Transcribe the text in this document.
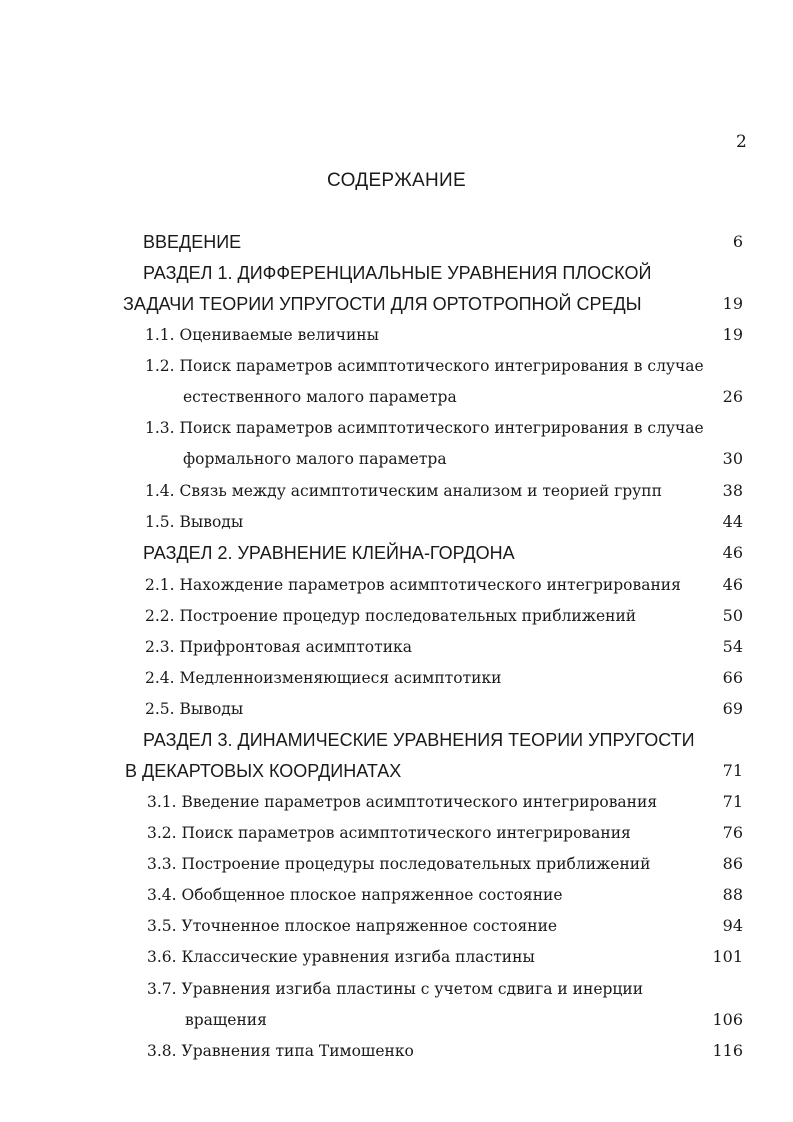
2
СОДЕРЖАНИЕ
ВВЕДЕНИЕ	6
РАЗДЕЛ 1. ДИФФЕРЕНЦИАЛЬНЫЕ УРАВНЕНИЯ ПЛОСКОЙ
ЗАДАЧИ ТЕОРИИ УПРУГОСТИ ДЛЯ ОРТОТРОПНОЙ СРЕДЫ	19
1.1. Оцениваемые величины	19
1.2. Поиск параметров асимптотического интегрирования в случае
естественного малого параметра	26
1.3. Поиск параметров асимптотического интегрирования в случае
формального малого параметра	30
1.4. Связь между асимптотическим анализом и теорией групп	38
1.5. Выводы	44
РАЗДЕЛ 2. УРАВНЕНИЕ КЛЕЙНА-ГОРДОНА	46
2.1. Нахождение параметров асимптотического интегрирования	46
2.2. Построение процедур последовательных приближений	50
2.3. Прифронтовая асимптотика	54
2.4. Медленноизменяющиеся асимптотики	66
2.5. Выводы	69
РАЗДЕЛ 3. ДИНАМИЧЕСКИЕ УРАВНЕНИЯ ТЕОРИИ УПРУГОСТИ
В ДЕКАРТОВЫХ КООРДИНАТАХ	71
3.1. Введение параметров асимптотического интегрирования	71
3.2. Поиск параметров асимптотического интегрирования	76
3.3. Построение процедуры последовательных приближений	86
3.4. Обобщенное плоское напряженное состояние	88
3.5. Уточненное плоское напряженное состояние	94
3.6. Классические уравнения изгиба пластины	101
3.7. Уравнения изгиба пластины с учетом сдвига и инерции
вращения	106
3.8. Уравнения типа Тимошенко	116
